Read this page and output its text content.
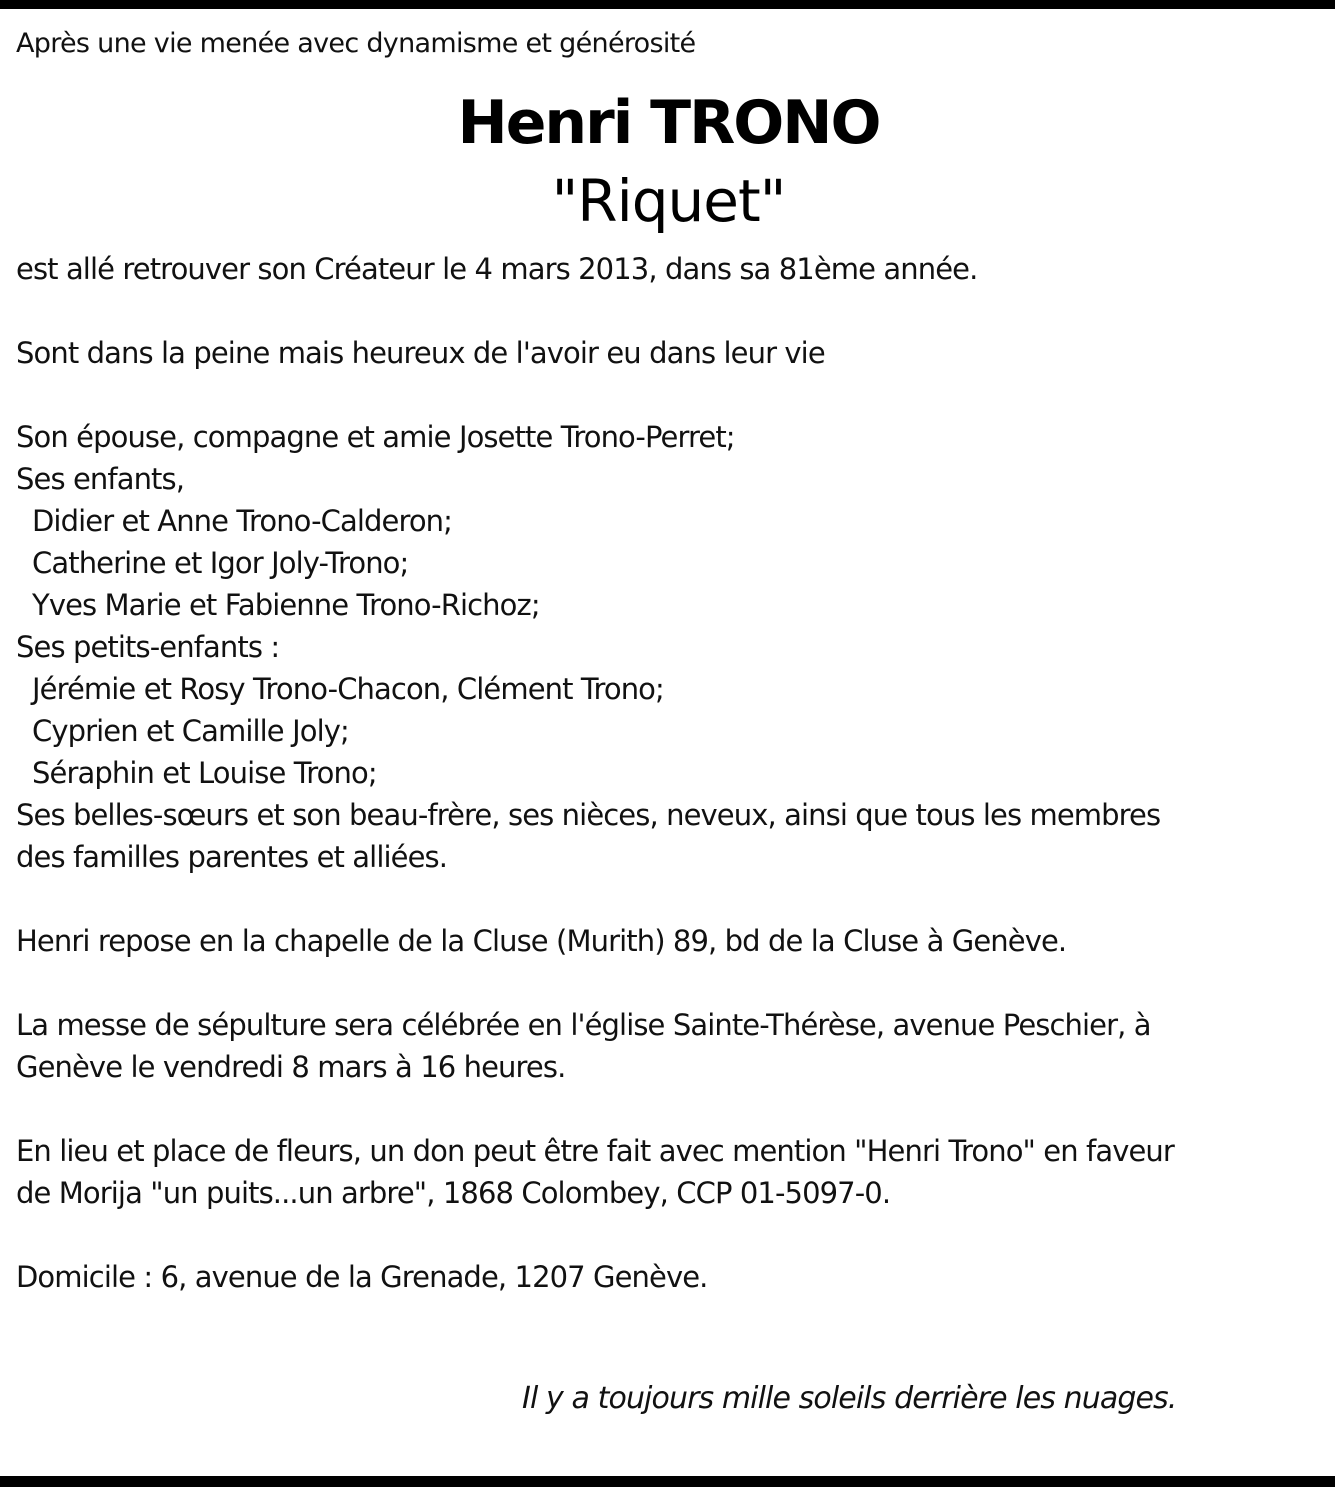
Après une vie menée avec dynamisme et générosité
Henri TRONO
"Riquet"
est allé retrouver son Créateur le 4 mars 2013, dans sa 81ème année.
Sont dans la peine mais heureux de l'avoir eu dans leur vie
Son épouse, compagne et amie Josette Trono-Perret;
Ses enfants,
Didier et Anne Trono-Calderon;
Catherine et Igor Joly-Trono;
Yves Marie et Fabienne Trono-Richoz;
Ses petits-enfants :
Jérémie et Rosy Trono-Chacon, Clément Trono;
Cyprien et Camille Joly;
Séraphin et Louise Trono;
Ses belles-sœurs et son beau-frère, ses nièces, neveux, ainsi que tous les membres
des familles parentes et alliées.
Henri repose en la chapelle de la Cluse (Murith) 89, bd de la Cluse à Genève.
La messe de sépulture sera célébrée en l'église Sainte-Thérèse, avenue Peschier, à
Genève le vendredi 8 mars à 16 heures.
En lieu et place de fleurs, un don peut être fait avec mention "Henri Trono" en faveur
de Morija "un puits...un arbre", 1868 Colombey, CCP 01-5097-0.
Domicile : 6, avenue de la Grenade, 1207 Genève.
Il y a toujours mille soleils derrière les nuages.
